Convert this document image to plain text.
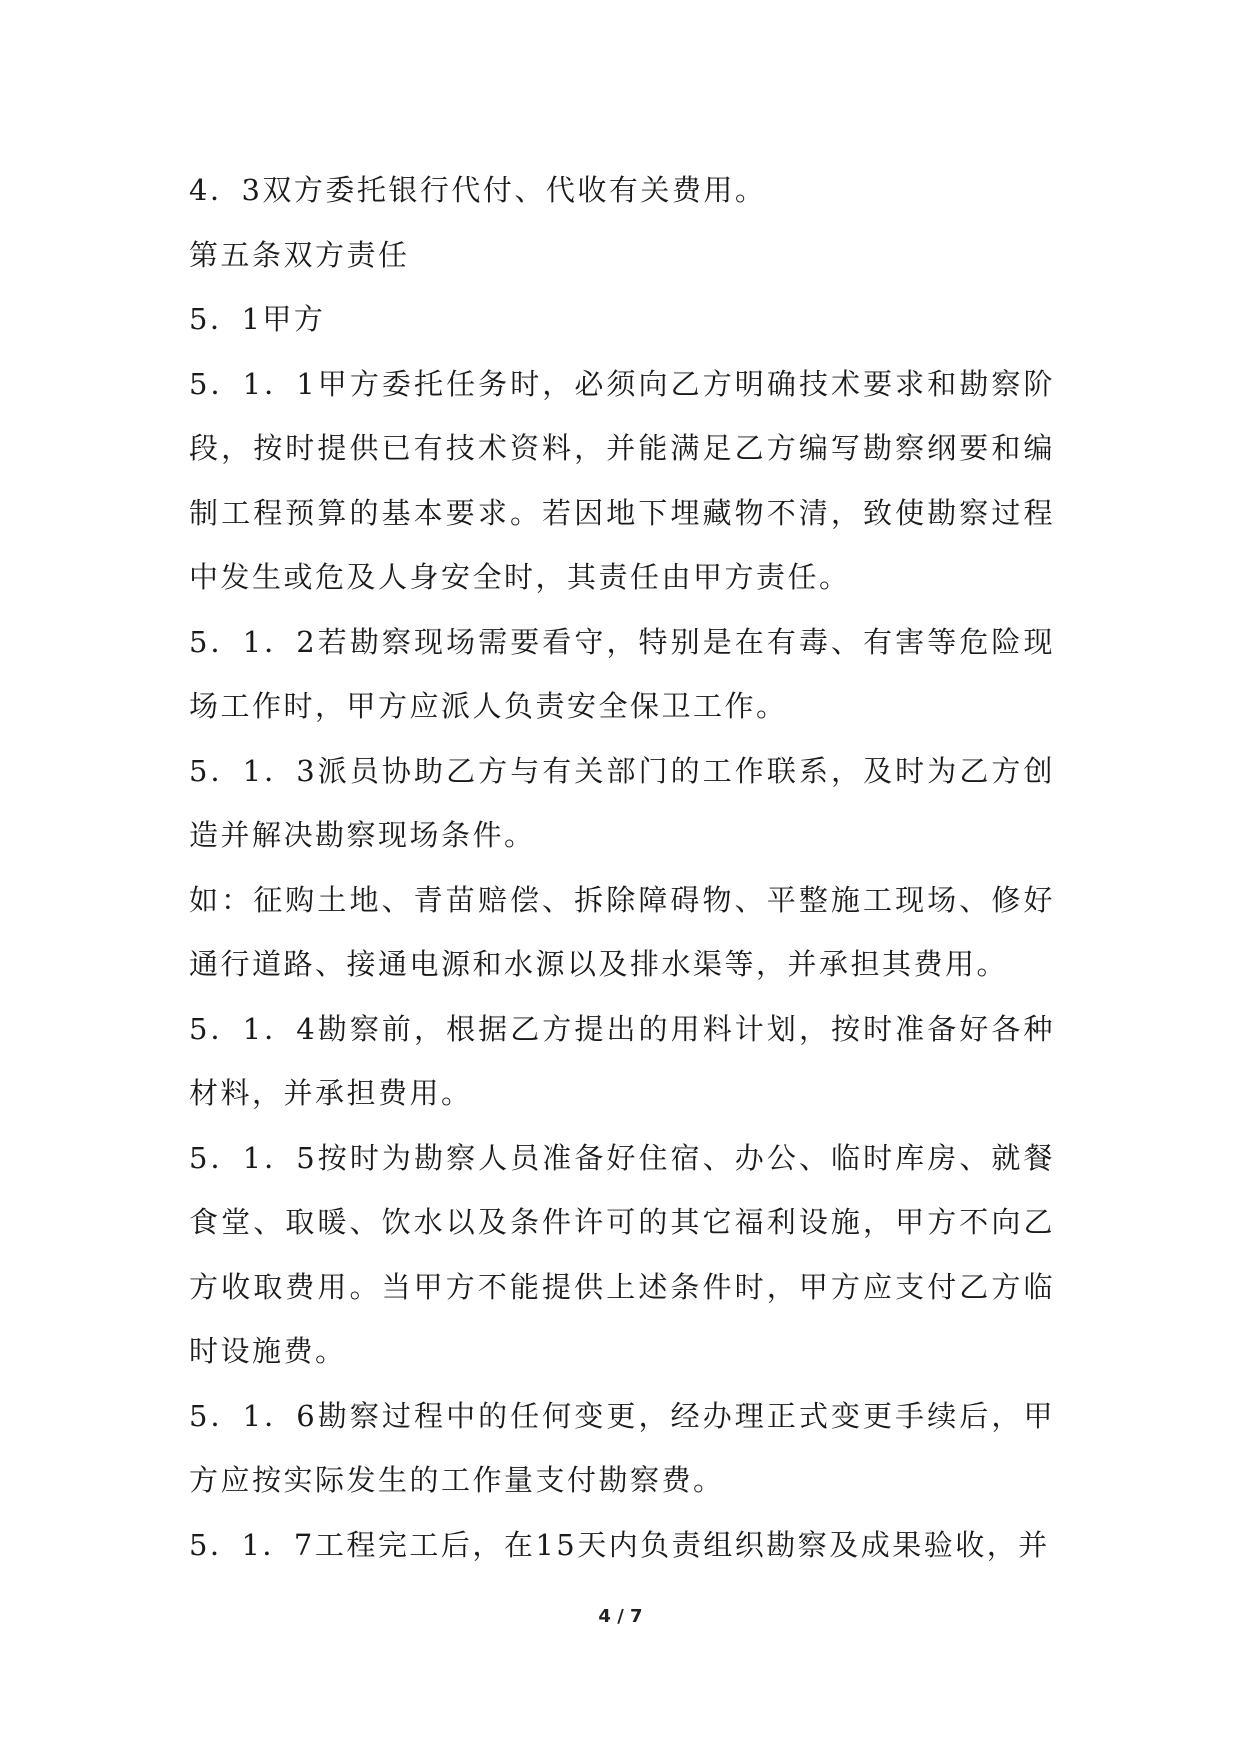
4．3双方委托银行代付、代收有关费用。

第五条双方责任

5．1甲方

5．1．1甲方委托任务时，必须向乙方明确技术要求和勘察阶段，按时提供已有技术资料，并能满足乙方编写勘察纲要和编制工程预算的基本要求。若因地下埋藏物不清，致使勘察过程中发生或危及人身安全时，其责任由甲方责任。

5．1．2若勘察现场需要看守，特别是在有毒、有害等危险现场工作时，甲方应派人负责安全保卫工作。

5．1．3派员协助乙方与有关部门的工作联系，及时为乙方创造并解决勘察现场条件。

如：征购土地、青苗赔偿、拆除障碍物、平整施工现场、修好通行道路、接通电源和水源以及排水渠等，并承担其费用。

5．1．4勘察前，根据乙方提出的用料计划，按时准备好各种材料，并承担费用。

5．1．5按时为勘察人员准备好住宿、办公、临时库房、就餐食堂、取暖、饮水以及条件许可的其它福利设施，甲方不向乙方收取费用。当甲方不能提供上述条件时，甲方应支付乙方临时设施费。

5．1．6勘察过程中的任何变更，经办理正式变更手续后，甲方应按实际发生的工作量支付勘察费。

5．1．7工程完工后，在15天内负责组织勘察及成果验收，并

4 / 7
